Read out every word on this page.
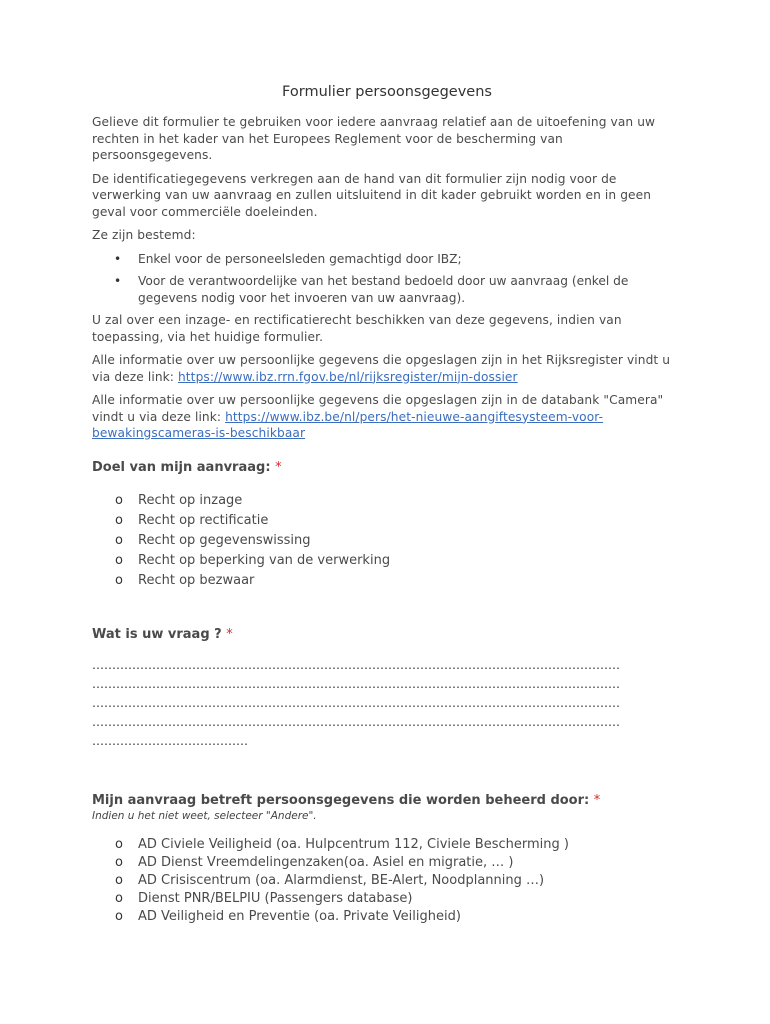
Formulier persoonsgegevens

Gelieve dit formulier te gebruiken voor iedere aanvraag relatief aan de uitoefening van uw rechten in het kader van het Europees Reglement voor de bescherming van persoonsgegevens.

De identificatiegegevens verkregen aan de hand van dit formulier zijn nodig voor de verwerking van uw aanvraag en zullen uitsluitend in dit kader gebruikt worden en in geen geval voor commerciële doeleinden.

Ze zijn bestemd:

• Enkel voor de personeelsleden gemachtigd door IBZ;
• Voor de verantwoordelijke van het bestand bedoeld door uw aanvraag (enkel de gegevens nodig voor het invoeren van uw aanvraag).

U zal over een inzage- en rectificatierecht beschikken van deze gegevens, indien van toepassing, via het huidige formulier.

Alle informatie over uw persoonlijke gegevens die opgeslagen zijn in het Rijksregister vindt u via deze link: https://www.ibz.rrn.fgov.be/nl/rijksregister/mijn-dossier

Alle informatie over uw persoonlijke gegevens die opgeslagen zijn in de databank "Camera" vindt u via deze link: https://www.ibz.be/nl/pers/het-nieuwe-aangiftesysteem-voor-bewakingscameras-is-beschikbaar

Doel van mijn aanvraag: *
o Recht op inzage
o Recht op rectificatie
o Recht op gegevenswissing
o Recht op beperking van de verwerking
o Recht op bezwaar
Wat is uw vraag ? *
……………………………………………………………………………………………………………………
……………………………………………………………………………………………………………………
……………………………………………………………………………………………………………………
……………………………………………………………………………………………………………………
…………………………………
Mijn aanvraag betreft persoonsgegevens die worden beheerd door: *
Indien u het niet weet, selecteer "Andere".
o AD Civiele Veiligheid (oa. Hulpcentrum 112, Civiele Bescherming )
o AD Dienst Vreemdelingenzaken(oa. Asiel en migratie, … )
o AD Crisiscentrum (oa. Alarmdienst, BE-Alert, Noodplanning …)
o Dienst PNR/BELPIU (Passengers database)
o AD Veiligheid en Preventie (oa. Private Veiligheid)
